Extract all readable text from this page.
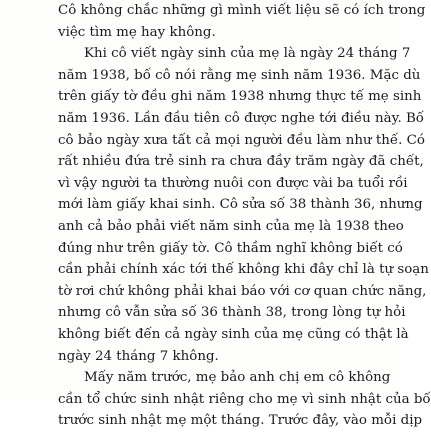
Cô không chắc những gì mình viết liệu sẽ có ích trong
việc tìm mẹ hay không.
Khi cô viết ngày sinh của mẹ là ngày 24 tháng 7
năm 1938, bố cô nói rằng mẹ sinh năm 1936. Mặc dù
trên giấy tờ đều ghi năm 1938 nhưng thực tế mẹ sinh
năm 1936. Lần đầu tiên cô được nghe tới điều này. Bố
cô bảo ngày xưa tất cả mọi người đều làm như thế. Có
rất nhiều đứa trẻ sinh ra chưa đầy trăm ngày đã chết,
vì vậy người ta thường nuôi con được vài ba tuổi rồi
mới làm giấy khai sinh. Cô sửa số 38 thành 36, nhưng
anh cả bảo phải viết năm sinh của mẹ là 1938 theo
đúng như trên giấy tờ. Cô thầm nghĩ không biết có
cần phải chính xác tới thế không khi đây chỉ là tự soạn
tờ rơi chứ không phải khai báo với cơ quan chức năng,
nhưng cô vẫn sửa số 36 thành 38, trong lòng tự hỏi
không biết đến cả ngày sinh của mẹ cũng có thật là
ngày 24 tháng 7 không.
Mấy năm trước, mẹ bảo anh chị em cô không
cần tổ chức sinh nhật riêng cho mẹ vì sinh nhật của bố
trước sinh nhật mẹ một tháng. Trước đây, vào mỗi dịp
